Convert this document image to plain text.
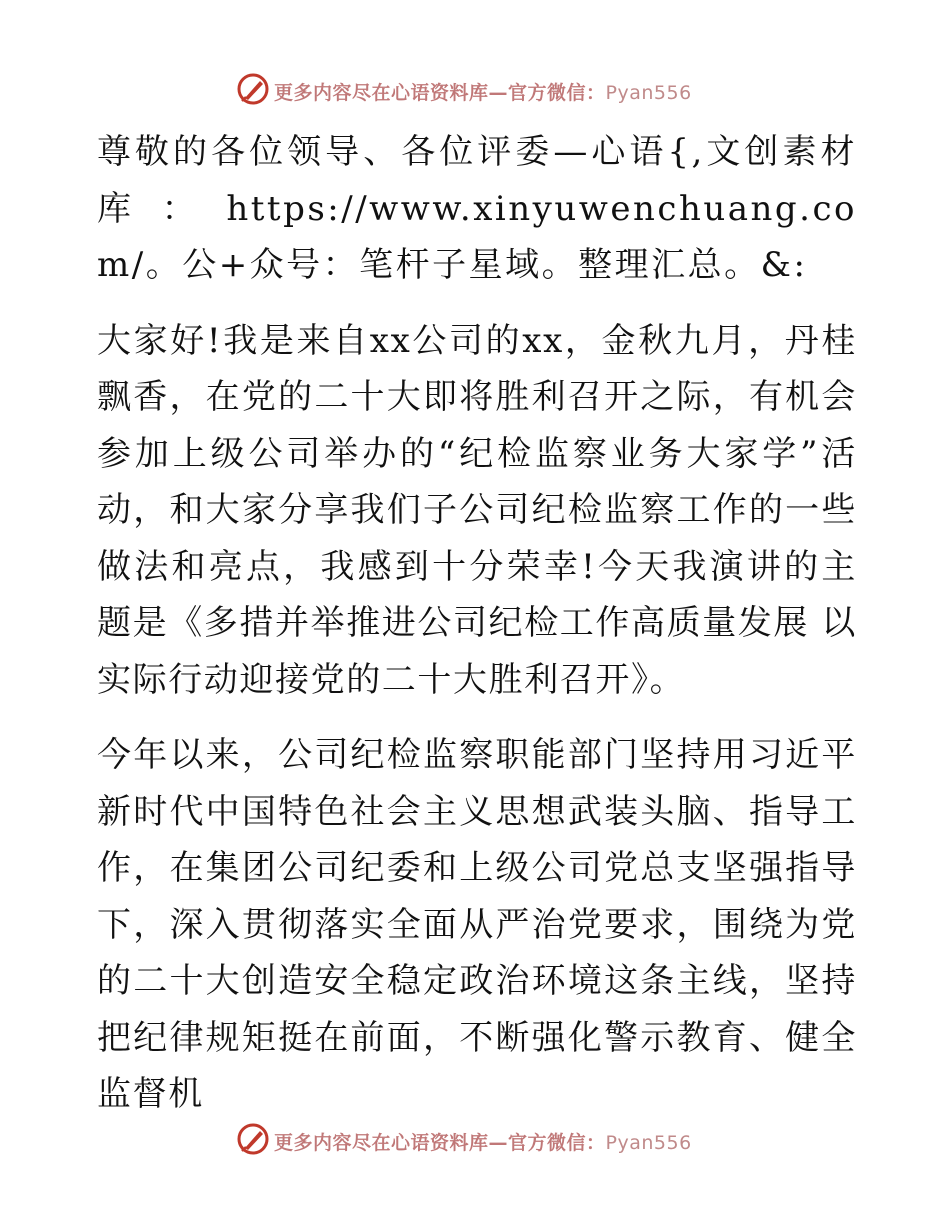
更多内容尽在心语资料库—官方微信：Pyan556

尊敬的各位领导、各位评委—心语{,文创素材库：https://www.xinyuwenchuang.com/。公+众号：笔杆子星域。整理汇总。&:

大家好!我是来自xx公司的xx，金秋九月，丹桂飘香，在党的二十大即将胜利召开之际，有机会参加上级公司举办的“纪检监察业务大家学”活动，和大家分享我们子公司纪检监察工作的一些做法和亮点，我感到十分荣幸!今天我演讲的主题是《多措并举推进公司纪检工作高质量发展 以实际行动迎接党的二十大胜利召开》。

今年以来，公司纪检监察职能部门坚持用习近平新时代中国特色社会主义思想武装头脑、指导工作，在集团公司纪委和上级公司党总支坚强指导下，深入贯彻落实全面从严治党要求，围绕为党的二十大创造安全稳定政治环境这条主线，坚持把纪律规矩挺在前面，不断强化警示教育、健全监督机

更多内容尽在心语资料库—官方微信：Pyan556
